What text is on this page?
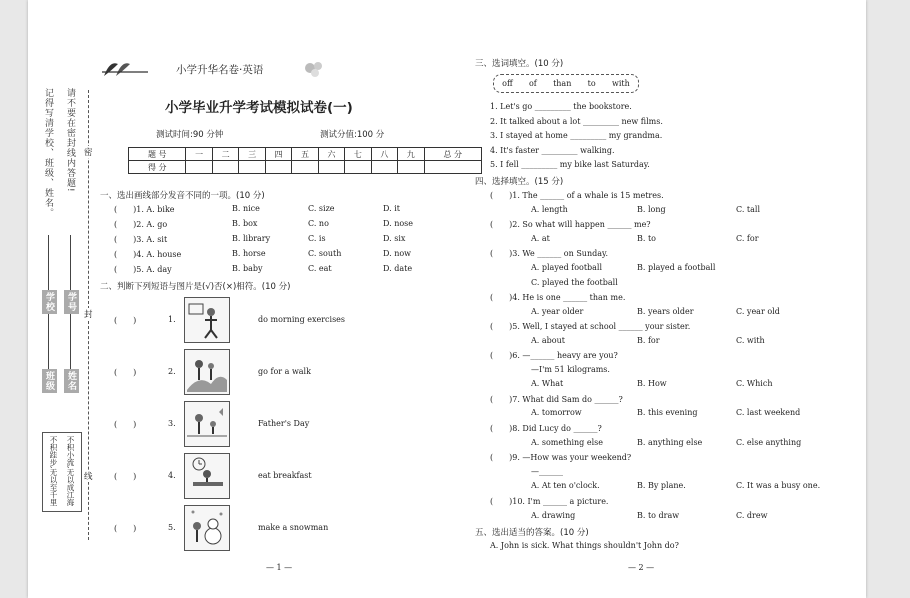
记得写清学校、班级、姓名。 请不要在密封线内答题!
学校
班级
学号
姓名
不积小流,无以成江海
不积跬步,无以至千里
密
封
线
小学升华名卷·英语
小学毕业升学考试模拟试卷(一)
测试时间:90 分钟	测试分值:100 分
题 号	一	二	三	四	五	六	七	八	九	总 分
得 分										
一、选出画线部分发音不同的一项。(10 分)
(　　)1. A. bike	B. nice	C. size	D. it
(　　)2. A. go	B. box	C. no	D. nose
(　　)3. A. sit	B. library	C. is	D. six
(　　)4. A. house	B. horse	C. south	D. now
(　　)5. A. day	B. baby	C. eat	D. date
二、判断下列短语与图片是(√)否(×)相符。(10 分)
(　　)	1.	do morning exercises
(　　)	2.	go for a walk
(　　)	3.	Father's Day
(　　)	4.	eat breakfast
(　　)	5.	make a snowman
— 1 —
三、选词填空。(10 分)
off of than to with
1. Let's go _________ the bookstore.
2. It talked about a lot _________ new films.
3. I stayed at home _________ my grandma.
4. It's faster _________ walking.
5. I fell _________ my bike last Saturday.
四、选择填空。(15 分)
(　　)1. The ______ of a whale is 15 metres.
A. length	B. long	C. tall
(　　)2. So what will happen ______ me?
A. at	B. to	C. for
(　　)3. We ______ on Sunday.
A. played football	B. played a football
C. played the football
(　　)4. He is one ______ than me.
A. year older	B. years older	C. year old
(　　)5. Well, I stayed at school ______ your sister.
A. about	B. for	C. with
(　　)6. —______ heavy are you?
—I'm 51 kilograms.
A. What	B. How	C. Which
(　　)7. What did Sam do ______?
A. tomorrow	B. this evening	C. last weekend
(　　)8. Did Lucy do ______?
A. something else	B. anything else	C. else anything
(　　)9. —How was your weekend?
—______
A. At ten o'clock.	B. By plane.	C. It was a busy one.
(　　)10. I'm ______ a picture.
A. drawing	B. to draw	C. drew
五、选出适当的答案。(10 分)
A. John is sick. What things shouldn't John do?
— 2 —
